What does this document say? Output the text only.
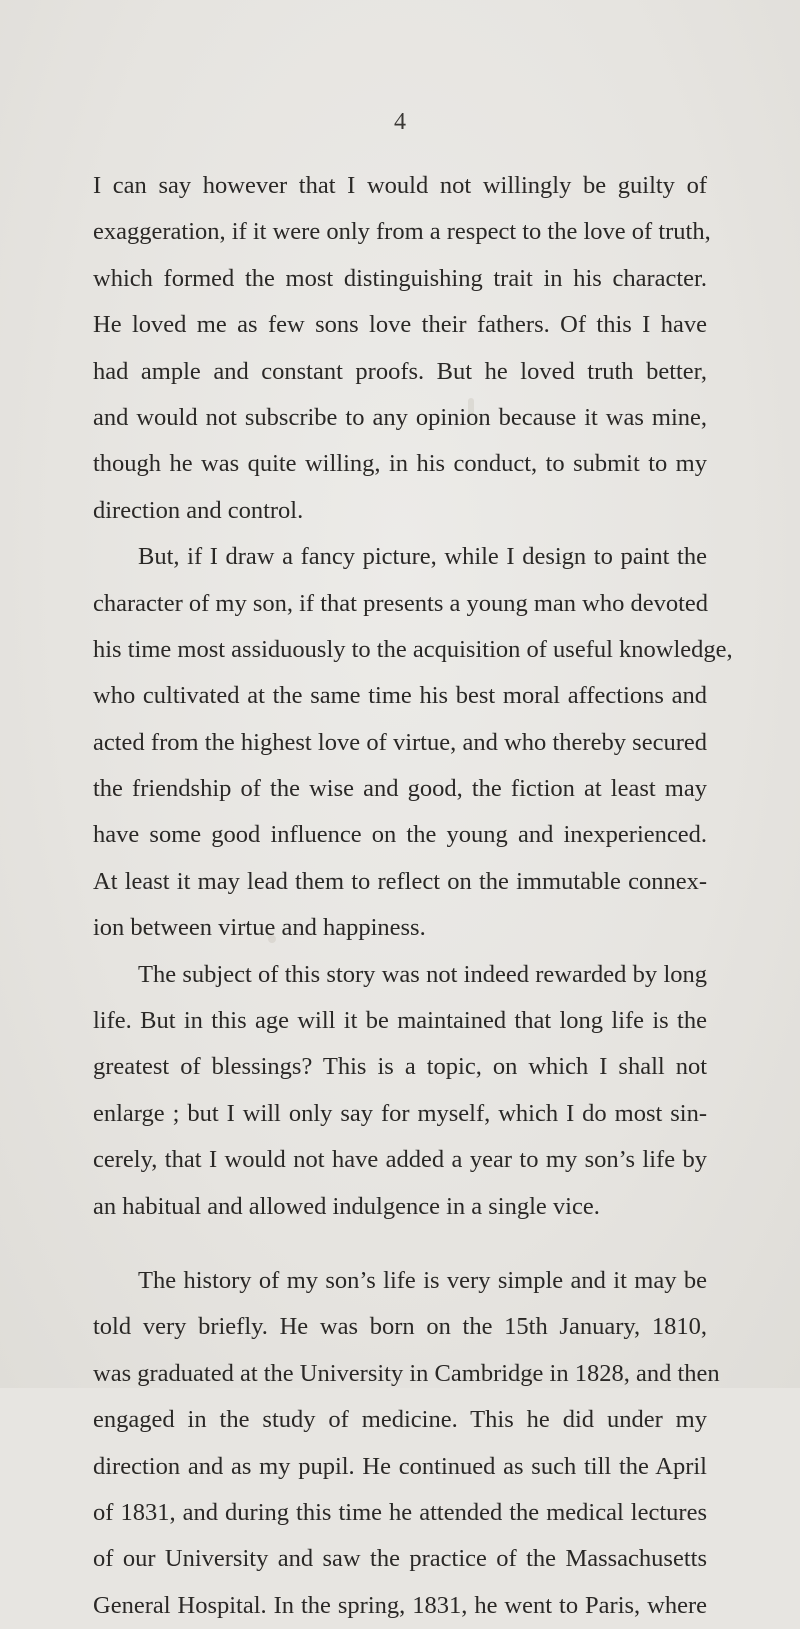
4
I can say however that I would not willingly be guilty of
exaggeration, if it were only from a respect to the love of truth,
which formed the most distinguishing trait in his character.
He loved me as few sons love their fathers. Of this I have
had ample and constant proofs. But he loved truth better,
and would not subscribe to any opinion because it was mine,
though he was quite willing, in his conduct, to submit to my
direction and control.
But, if I draw a fancy picture, while I design to paint the
character of my son, if that presents a young man who devoted
his time most assiduously to the acquisition of useful knowledge,
who cultivated at the same time his best moral affections and
acted from the highest love of virtue, and who thereby secured
the friendship of the wise and good, the fiction at least may
have some good influence on the young and inexperienced.
At least it may lead them to reflect on the immutable connex-
ion between virtue and happiness.
The subject of this story was not indeed rewarded by long
life. But in this age will it be maintained that long life is the
greatest of blessings? This is a topic, on which I shall not
enlarge ; but I will only say for myself, which I do most sin-
cerely, that I would not have added a year to my son’s life by
an habitual and allowed indulgence in a single vice.
The history of my son’s life is very simple and it may be
told very briefly. He was born on the 15th January, 1810,
was graduated at the University in Cambridge in 1828, and then
engaged in the study of medicine. This he did under my
direction and as my pupil. He continued as such till the April
of 1831, and during this time he attended the medical lectures
of our University and saw the practice of the Massachusetts
General Hospital. In the spring, 1831, he went to Paris, where
